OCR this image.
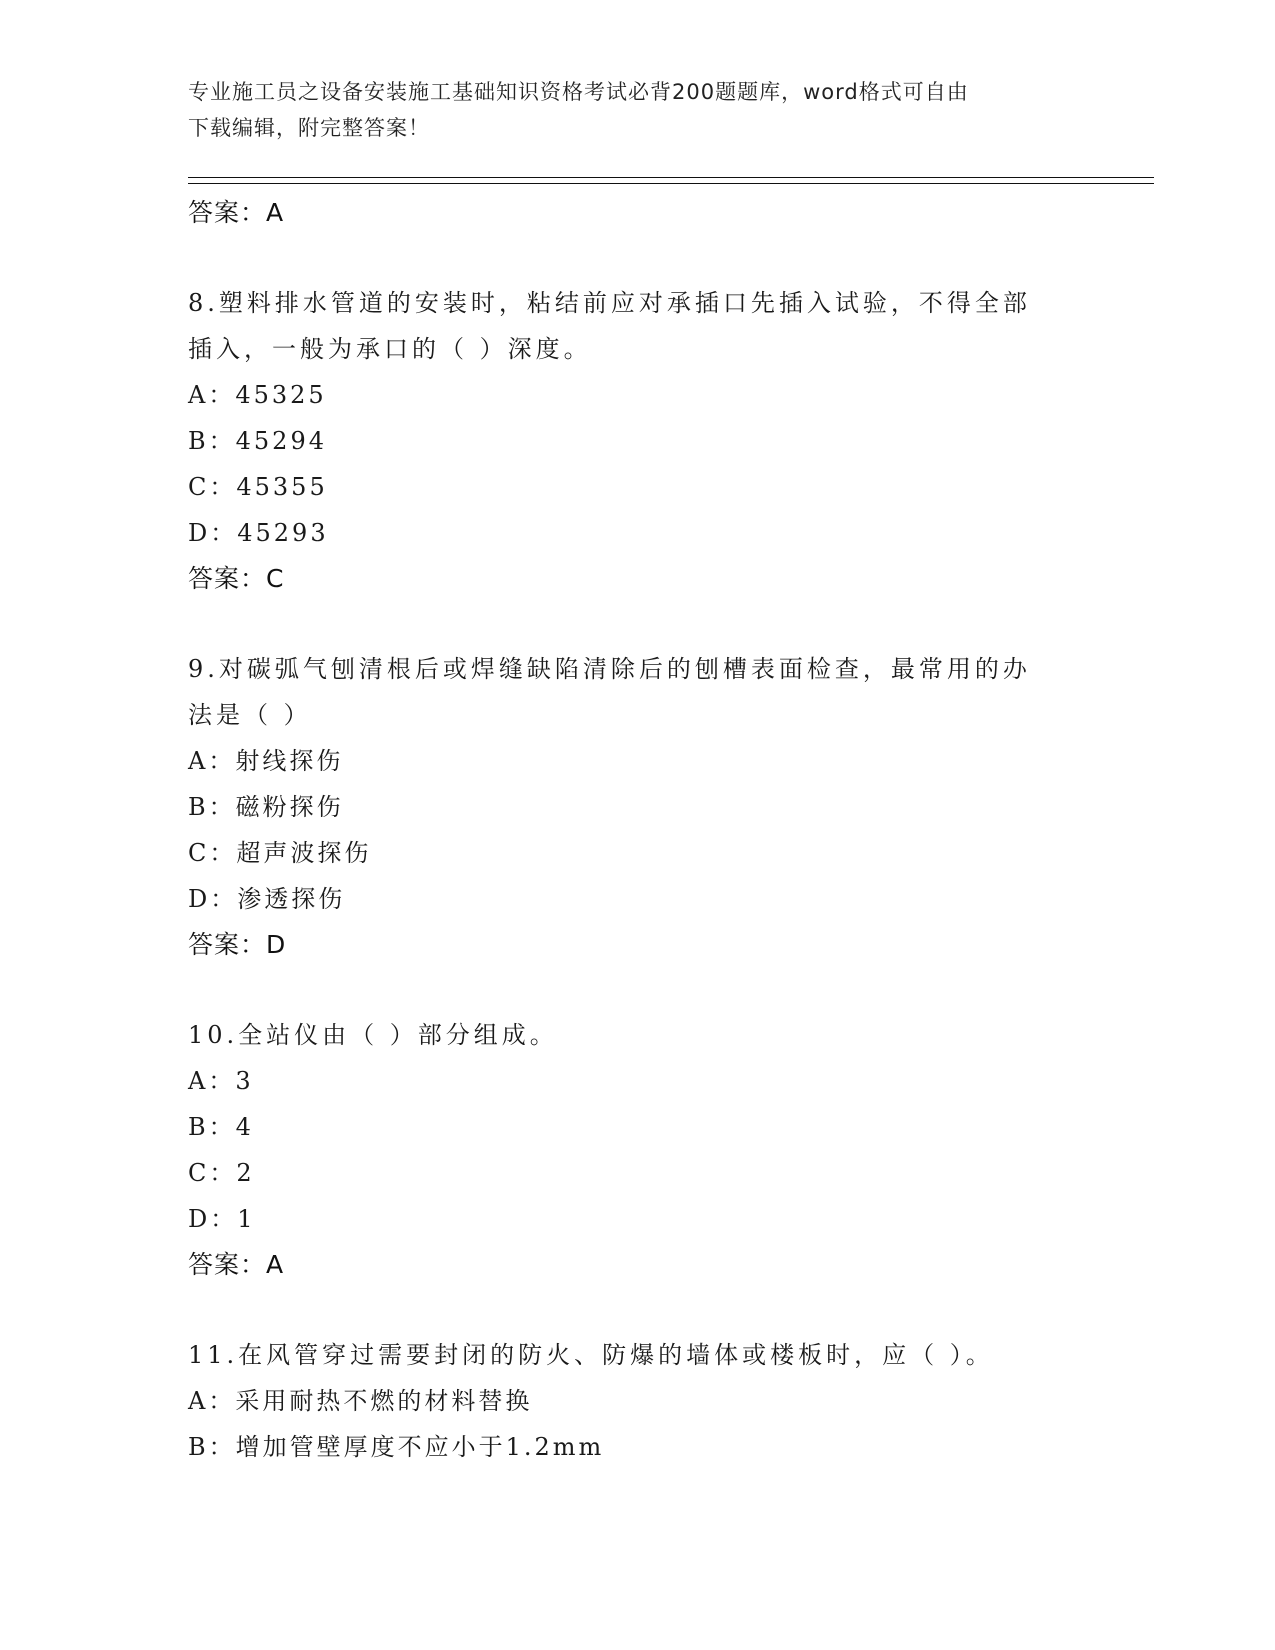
专业施工员之设备安装施工基础知识资格考试必背200题题库，word格式可自由
下载编辑，附完整答案！
答案：A
8.塑料排水管道的安装时，粘结前应对承插口先插入试验，不得全部
插入，一般为承口的（ ）深度。
A：45325
B：45294
C：45355
D：45293
答案：C
9.对碳弧气刨清根后或焊缝缺陷清除后的刨槽表面检查，最常用的办
法是（ ）
A：射线探伤
B：磁粉探伤
C：超声波探伤
D：渗透探伤
答案：D
10.全站仪由（ ）部分组成。
A：3
B：4
C：2
D：1
答案：A
11.在风管穿过需要封闭的防火、防爆的墙体或楼板时，应（ ）。
A：采用耐热不燃的材料替换
B：增加管壁厚度不应小于1.2mm
